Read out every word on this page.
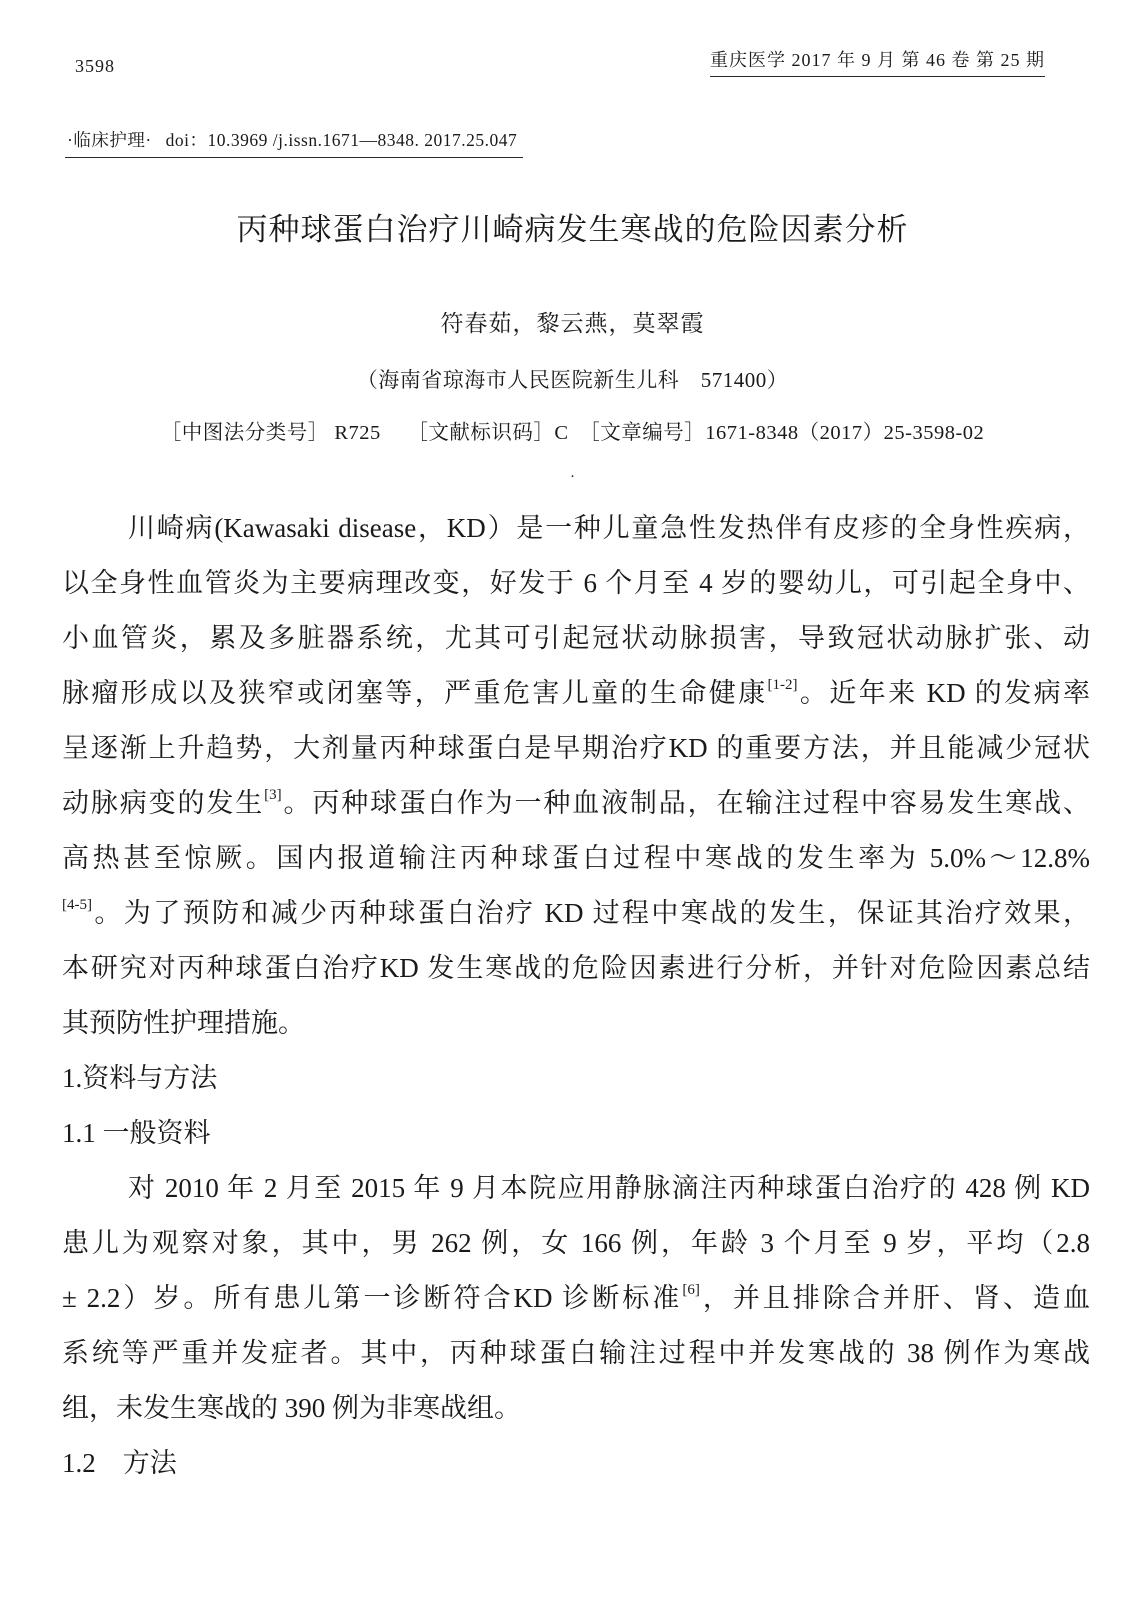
3598	重庆医学 2017 年 9 月 第 46 卷 第 25 期
·临床护理· doi：10.3969 /j.issn.1671—8348. 2017.25.047
丙种球蛋白治疗川崎病发生寒战的危险因素分析
符春茹，黎云燕，莫翠霞
（海南省琼海市人民医院新生儿科　571400）
［中图法分类号］ R725　 ［文献标识码］C　［文章编号］1671-8348（2017）25-3598-02
.
川崎病(Kawasaki disease，KD）是一种儿童急性发热伴有皮疹的全身性疾病，
以全身性血管炎为主要病理改变，好发于 6 个月至 4 岁的婴幼儿，可引起全身中、
小血管炎，累及多脏器系统，尤其可引起冠状动脉损害，导致冠状动脉扩张、动
脉瘤形成以及狭窄或闭塞等，严重危害儿童的生命健康[1-2]。近年来 KD 的发病率
呈逐渐上升趋势，大剂量丙种球蛋白是早期治疗KD 的重要方法，并且能减少冠状
动脉病变的发生[3]。丙种球蛋白作为一种血液制品，在输注过程中容易发生寒战、
高热甚至惊厥。国内报道输注丙种球蛋白过程中寒战的发生率为 5.0%～12.8%
[4-5]。为了预防和减少丙种球蛋白治疗 KD 过程中寒战的发生，保证其治疗效果，
本研究对丙种球蛋白治疗KD 发生寒战的危险因素进行分析，并针对危险因素总结
其预防性护理措施。
1.资料与方法
1.1 一般资料
对 2010 年 2 月至 2015 年 9 月本院应用静脉滴注丙种球蛋白治疗的 428 例 KD
患儿为观察对象，其中，男 262 例，女 166 例，年龄 3 个月至 9 岁，平均（2.8
± 2.2）岁。所有患儿第一诊断符合KD 诊断标准[6]，并且排除合并肝、肾、造血
系统等严重并发症者。其中，丙种球蛋白输注过程中并发寒战的 38 例作为寒战
组，未发生寒战的 390 例为非寒战组。
1.2　方法
